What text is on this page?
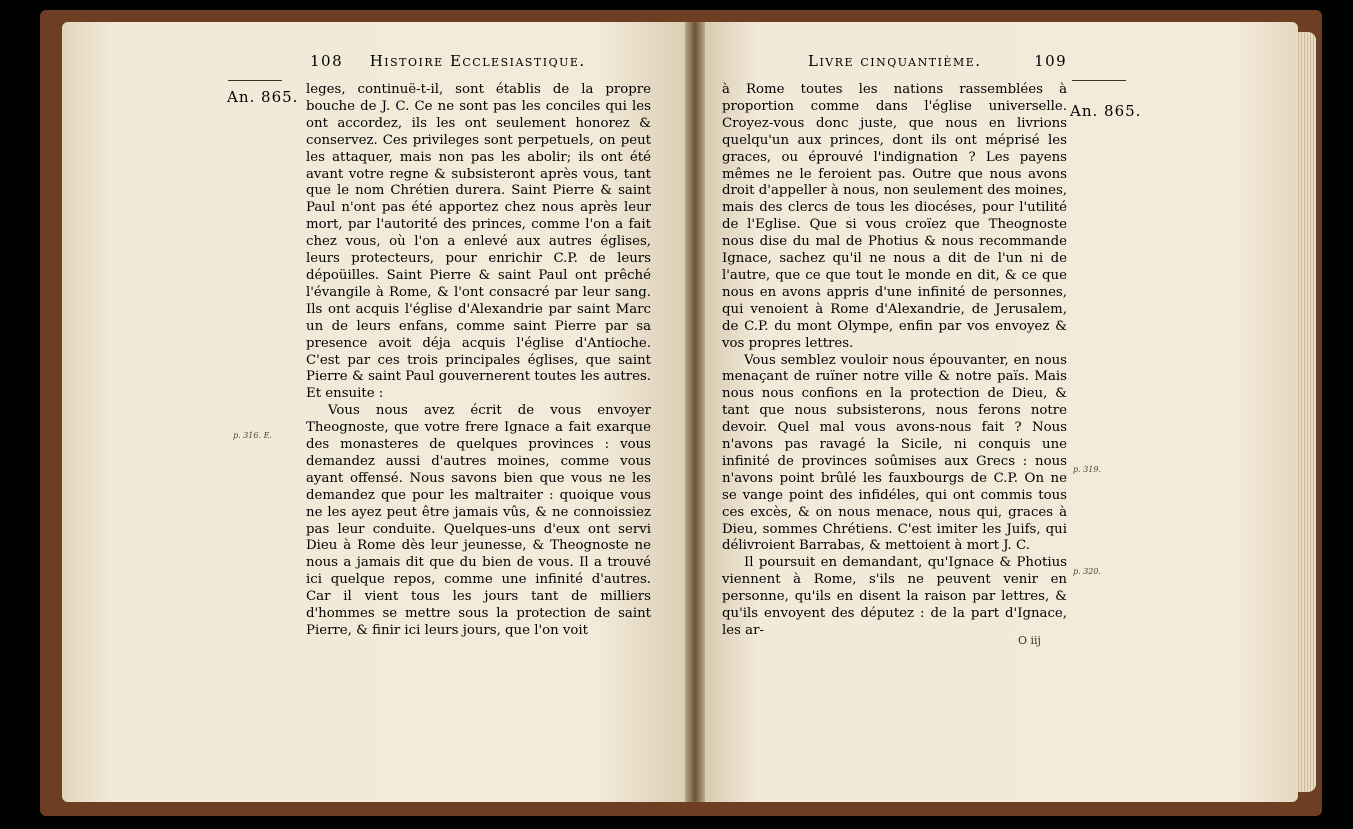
108 Histoire Ecclesiastique.
An. 865.
p. 316. E.

leges, continuë-t-il, sont établis de la propre bouche de J. C. Ce ne sont pas les conciles qui les ont accordez, ils les ont seulement honorez & conservez. Ces privileges sont perpetuels, on peut les attaquer, mais non pas les abolir; ils ont été avant votre regne & subsisteront après vous, tant que le nom Chrétien durera. Saint Pierre & saint Paul n'ont pas été apportez chez nous après leur mort, par l'autorité des princes, comme l'on a fait chez vous, où l'on a enlevé aux autres églises, leurs protecteurs, pour enrichir C.P. de leurs dépoüilles. Saint Pierre & saint Paul ont prêché l'évangile à Rome, & l'ont consacré par leur sang. Ils ont acquis l'église d'Alexandrie par saint Marc un de leurs enfans, comme saint Pierre par sa presence avoit déja acquis l'église d'Antioche. C'est par ces trois principales églises, que saint Pierre & saint Paul gouvernerent toutes les autres. Et ensuite :

Vous nous avez écrit de vous envoyer Theognoste, que votre frere Ignace a fait exarque des monasteres de quelques provinces : vous demandez aussi d'autres moines, comme vous ayant offensé. Nous savons bien que vous ne les demandez que pour les maltraiter : quoique vous ne les ayez peut être jamais vûs, & ne connoissiez pas leur conduite. Quelques-uns d'eux ont servi Dieu à Rome dès leur jeunesse, & Theognoste ne nous a jamais dit que du bien de vous. Il a trouvé ici quelque repos, comme une infinité d'autres. Car il vient tous les jours tant de milliers d'hommes se mettre sous la protection de saint Pierre, & finir ici leurs jours, que l'on voit

Livre cinquantième.	109
An. 865.
p. 319.
p. 320.

à Rome toutes les nations rassemblées à proportion comme dans l'église universelle. Croyez-vous donc juste, que nous en livrions quelqu'un aux princes, dont ils ont méprisé les graces, ou éprouvé l'indignation ? Les payens mêmes ne le feroient pas. Outre que nous avons droit d'appeller à nous, non seulement des moines, mais des clercs de tous les diocéses, pour l'utilité de l'Eglise. Que si vous croïez que Theognoste nous dise du mal de Photius & nous recommande Ignace, sachez qu'il ne nous a dit de l'un ni de l'autre, que ce que tout le monde en dit, & ce que nous en avons appris d'une infinité de personnes, qui venoient à Rome d'Alexandrie, de Jerusalem, de C.P. du mont Olympe, enfin par vos envoyez & vos propres lettres.

Vous semblez vouloir nous épouvanter, en nous menaçant de ruïner notre ville & notre païs. Mais nous nous confions en la protection de Dieu, & tant que nous subsisterons, nous ferons notre devoir. Quel mal vous avons-nous fait ? Nous n'avons pas ravagé la Sicile, ni conquis une infinité de provinces soûmises aux Grecs : nous n'avons point brûlé les fauxbourgs de C.P. On ne se vange point des infidéles, qui ont commis tous ces excès, & on nous menace, nous qui, graces à Dieu, sommes Chrétiens. C'est imiter les Juifs, qui délivroient Barrabas, & mettoient à mort J. C.

Il poursuit en demandant, qu'Ignace & Photius viennent à Rome, s'ils ne peuvent venir en personne, qu'ils en disent la raison par lettres, & qu'ils envoyent des députez : de la part d'Ignace, les ar-

O iij
